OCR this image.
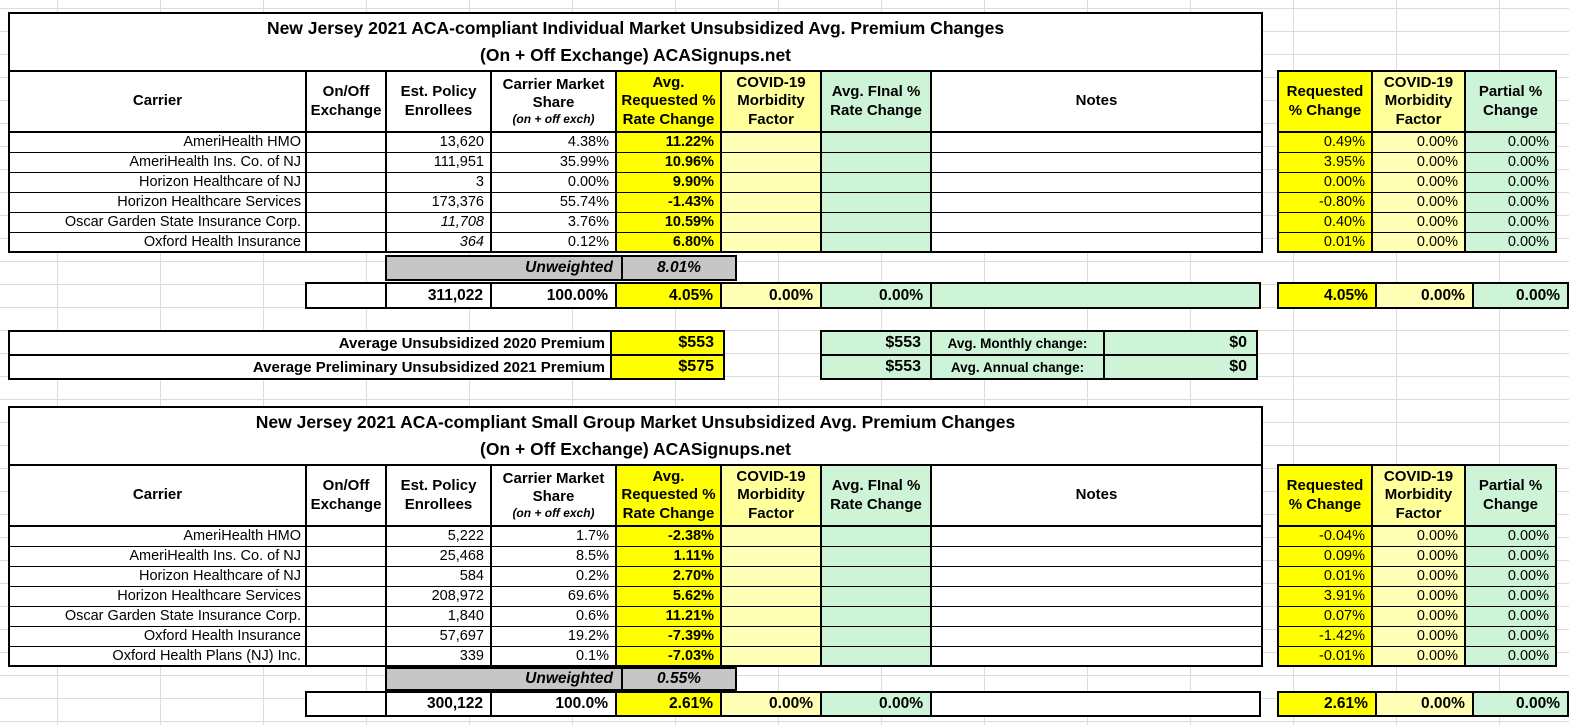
New Jersey 2021 ACA-compliant Individual Market Unsubsidized Avg. Premium Changes
(On + Off Exchange) ACASignups.net							

Carrier	On/Off Exchange	Est. Policy Enrollees	Carrier Market Share
(on + off exch)	Avg. Requested % Rate Change	COVID-19 Morbidity Factor	Avg. FInal % Rate Change	Notes
AmeriHealth HMO		13,620	4.38%	11.22%			
AmeriHealth Ins. Co. of NJ		111,951	35.99%	10.96%			
Horizon Healthcare of NJ		3	0.00%	9.90%			
Horizon Healthcare Services		173,376	55.74%	-1.43%			
Oscar Garden State Insurance Corp.		11,708	3.76%	10.59%			
Oxford Health Insurance		364	0.12%	6.80%			
Unweighted	8.01%
	311,022	100.00%	4.05%	0.00%	0.00%	
Requested % Change	COVID-19 Morbidity Factor	Partial % Change
0.49%	0.00%	0.00%
3.95%	0.00%	0.00%
0.00%	0.00%	0.00%
-0.80%	0.00%	0.00%
0.40%	0.00%	0.00%
0.01%	0.00%	0.00%
4.05%	0.00%	0.00%
Average Unsubsidized 2020 Premium	$553
Average Preliminary Unsubsidized 2021 Premium	$575
$553	Avg. Monthly change:	$0
$553	Avg. Annual change:	$0
New Jersey 2021 ACA-compliant Small Group Market Unsubsidized Avg. Premium Changes
(On + Off Exchange) ACASignups.net							

Carrier	On/Off Exchange	Est. Policy Enrollees	Carrier Market Share
(on + off exch)	Avg. Requested % Rate Change	COVID-19 Morbidity Factor	Avg. FInal % Rate Change	Notes
AmeriHealth HMO		5,222	1.7%	-2.38%			
AmeriHealth Ins. Co. of NJ		25,468	8.5%	1.11%			
Horizon Healthcare of NJ		584	0.2%	2.70%			
Horizon Healthcare Services		208,972	69.6%	5.62%			
Oscar Garden State Insurance Corp.		1,840	0.6%	11.21%			
Oxford Health Insurance		57,697	19.2%	-7.39%			
Oxford Health Plans (NJ) Inc.		339	0.1%	-7.03%			
Unweighted	0.55%
	300,122	100.0%	2.61%	0.00%	0.00%	
Requested % Change	COVID-19 Morbidity Factor	Partial % Change
-0.04%	0.00%	0.00%
0.09%	0.00%	0.00%
0.01%	0.00%	0.00%
3.91%	0.00%	0.00%
0.07%	0.00%	0.00%
-1.42%	0.00%	0.00%
-0.01%	0.00%	0.00%
2.61%	0.00%	0.00%
